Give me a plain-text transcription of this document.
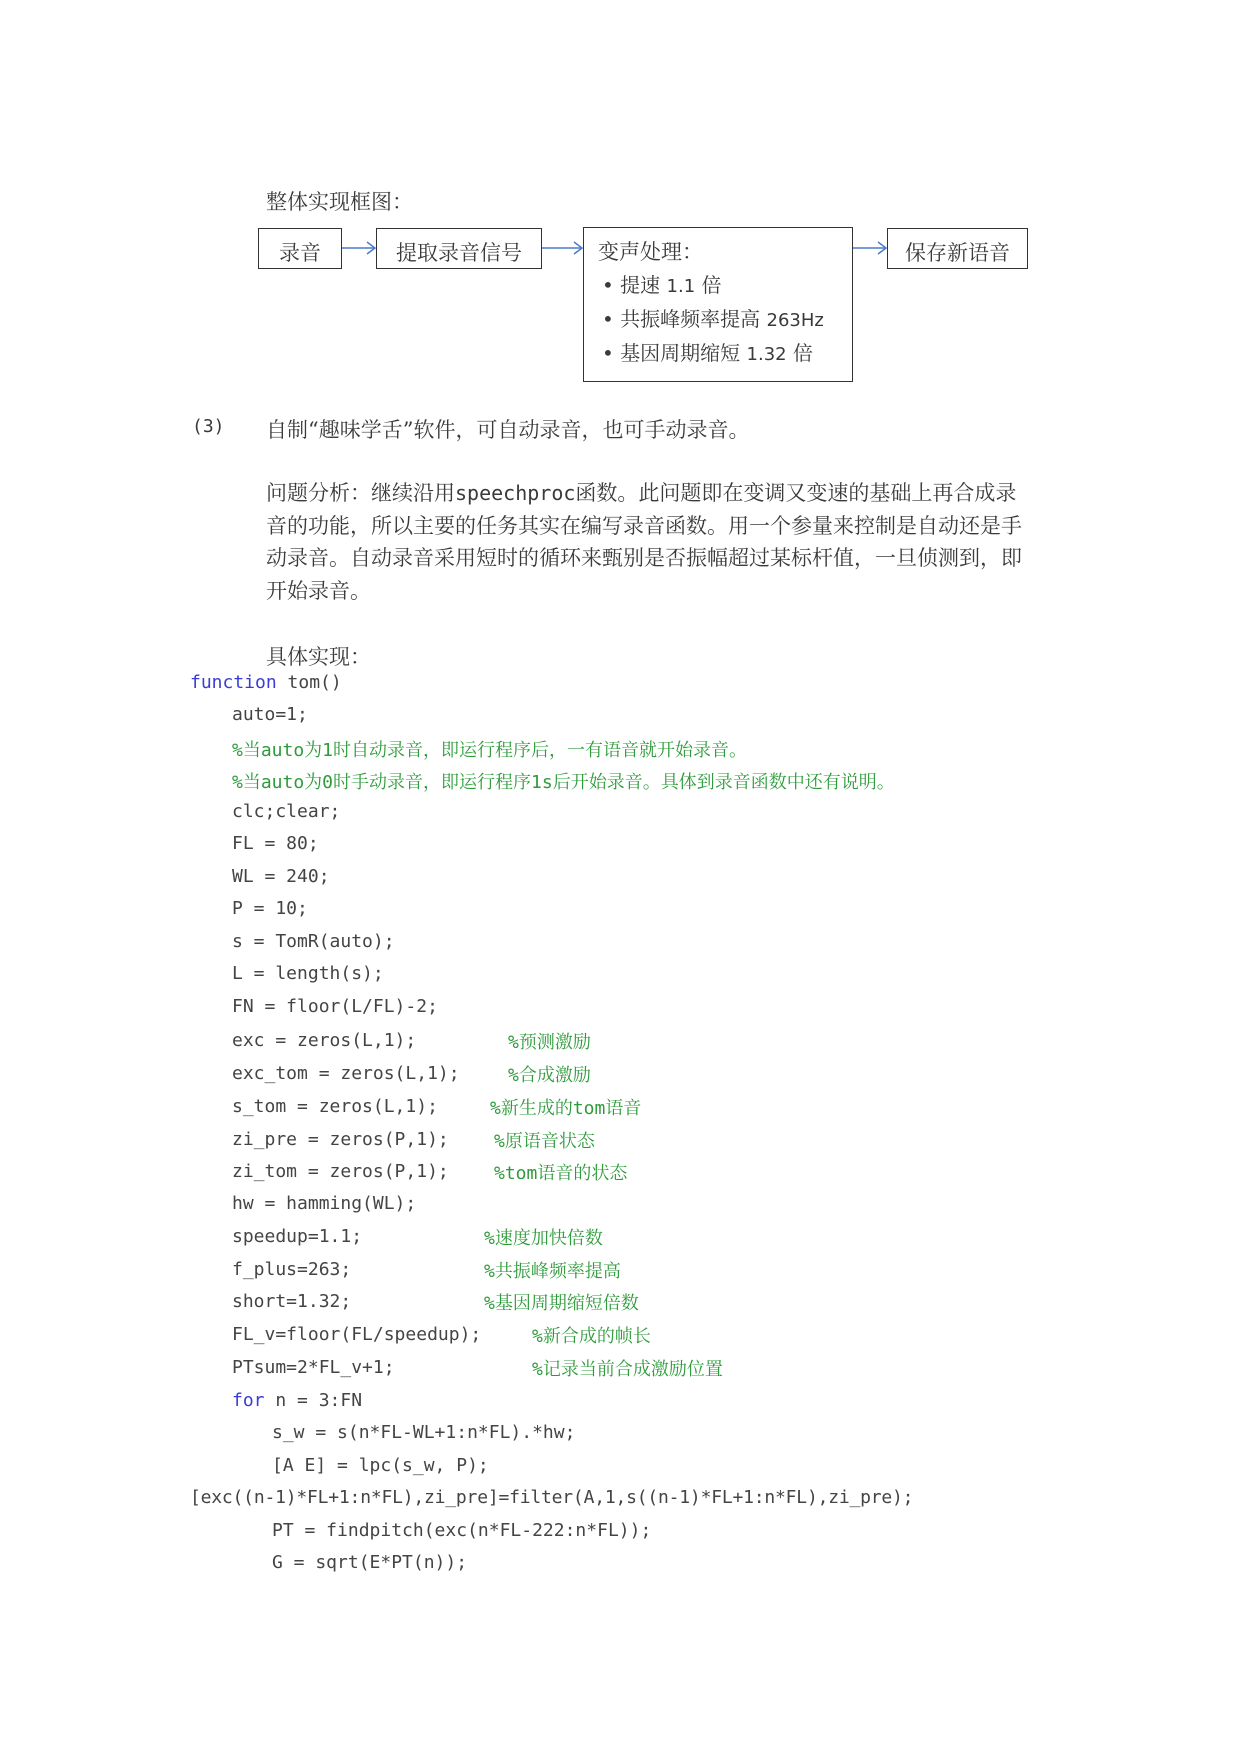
整体实现框图：
录音	提取录音信号	变声处理：
• 提速 1.1 倍
• 共振峰频率提高 263Hz
• 基因周期缩短 1.32 倍
保存新语音
(3) 自制“趣味学舌”软件，可自动录音，也可手动录音。
问题分析：继续沿用speechproc函数。此问题即在变调又变速的基础上再合成录
音的功能，所以主要的任务其实在编写录音函数。用一个参量来控制是自动还是手
动录音。自动录音采用短时的循环来甄别是否振幅超过某标杆值，一旦侦测到，即
开始录音。
具体实现：
function tom()
auto=1;
%当auto为1时自动录音，即运行程序后，一有语音就开始录音。
%当auto为0时手动录音，即运行程序1s后开始录音。具体到录音函数中还有说明。
clc;clear;
FL = 80;
WL = 240;
P = 10;
s = TomR(auto);
L = length(s);
FN = floor(L/FL)-2;
exc = zeros(L,1);	%预测激励
exc_tom = zeros(L,1);	%合成激励
s_tom = zeros(L,1);	%新生成的tom语音
zi_pre = zeros(P,1);	%原语音状态
zi_tom = zeros(P,1);	%tom语音的状态
hw = hamming(WL);
speedup=1.1;	%速度加快倍数
f_plus=263;	%共振峰频率提高
short=1.32;	%基因周期缩短倍数
FL_v=floor(FL/speedup);	%新合成的帧长
PTsum=2*FL_v+1;	%记录当前合成激励位置
for n = 3:FN
s_w = s(n*FL-WL+1:n*FL).*hw;
[A E] = lpc(s_w, P);
[exc((n-1)*FL+1:n*FL),zi_pre]=filter(A,1,s((n-1)*FL+1:n*FL),zi_pre);
PT = findpitch(exc(n*FL-222:n*FL));
G = sqrt(E*PT(n));
